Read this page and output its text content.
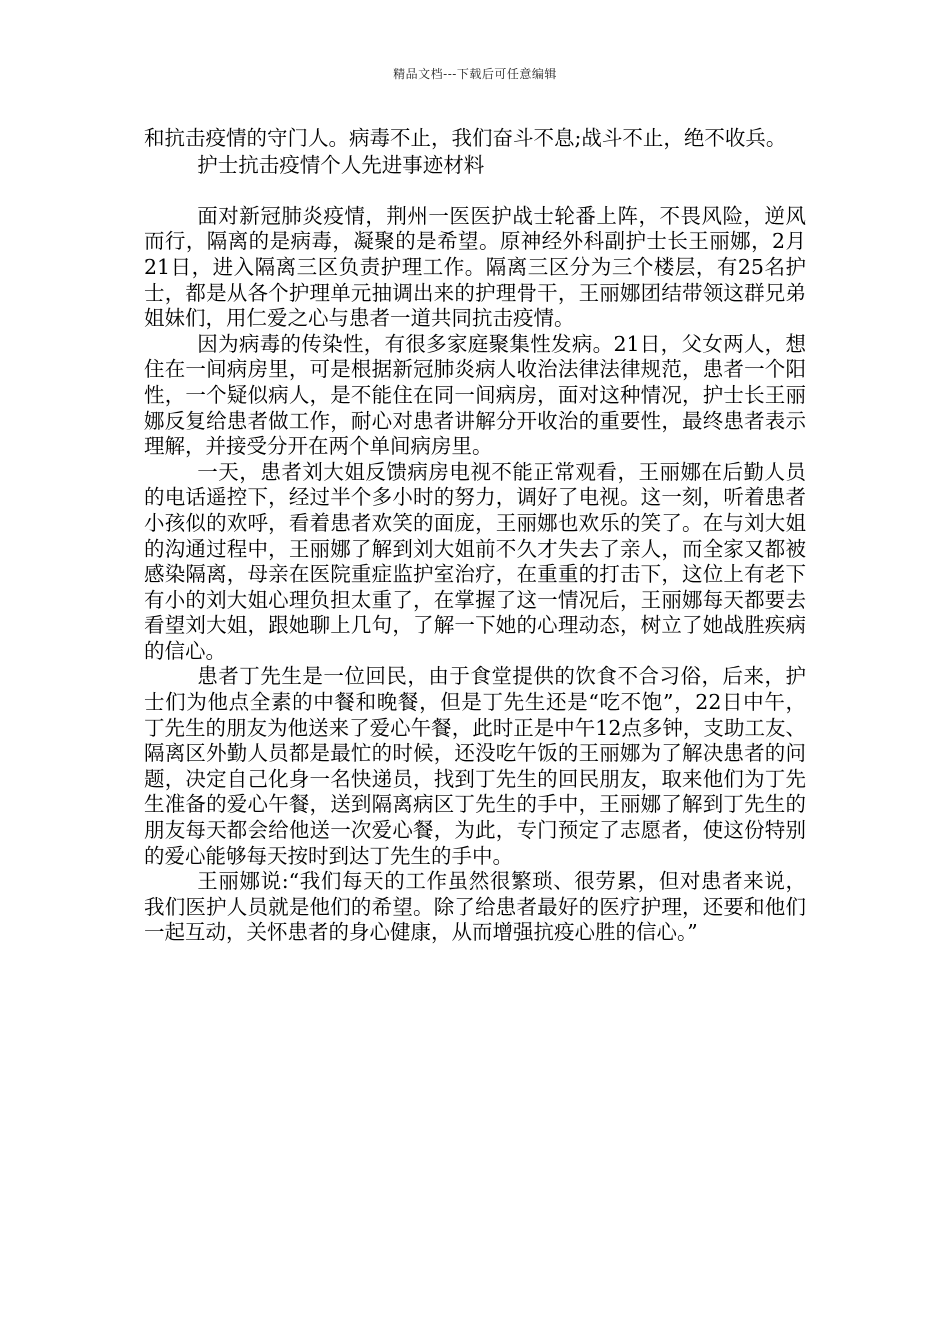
精品文档---下载后可任意编辑

和抗击疫情的守门人。病毒不止，我们奋斗不息;战斗不止，绝不收兵。

护士抗击疫情个人先进事迹材料

面对新冠肺炎疫情，荆州一医医护战士轮番上阵，不畏风险，逆风而行，隔离的是病毒，凝聚的是希望。原神经外科副护士长王丽娜，2月21日，进入隔离三区负责护理工作。隔离三区分为三个楼层，有25名护士，都是从各个护理单元抽调出来的护理骨干，王丽娜团结带领这群兄弟姐妹们，用仁爱之心与患者一道共同抗击疫情。

因为病毒的传染性，有很多家庭聚集性发病。21日，父女两人，想住在一间病房里，可是根据新冠肺炎病人收治法律法律规范，患者一个阳性，一个疑似病人，是不能住在同一间病房，面对这种情况，护士长王丽娜反复给患者做工作，耐心对患者讲解分开收治的重要性，最终患者表示理解，并接受分开在两个单间病房里。

一天，患者刘大姐反馈病房电视不能正常观看，王丽娜在后勤人员的电话遥控下，经过半个多小时的努力，调好了电视。这一刻，听着患者小孩似的欢呼，看着患者欢笑的面庞，王丽娜也欢乐的笑了。在与刘大姐的沟通过程中，王丽娜了解到刘大姐前不久才失去了亲人，而全家又都被感染隔离，母亲在医院重症监护室治疗，在重重的打击下，这位上有老下有小的刘大姐心理负担太重了，在掌握了这一情况后，王丽娜每天都要去看望刘大姐，跟她聊上几句，了解一下她的心理动态，树立了她战胜疾病的信心。

患者丁先生是一位回民，由于食堂提供的饮食不合习俗，后来，护士们为他点全素的中餐和晚餐，但是丁先生还是“吃不饱”，22日中午，丁先生的朋友为他送来了爱心午餐，此时正是中午12点多钟，支助工友、隔离区外勤人员都是最忙的时候，还没吃午饭的王丽娜为了解决患者的问题，决定自己化身一名快递员，找到丁先生的回民朋友，取来他们为丁先生准备的爱心午餐，送到隔离病区丁先生的手中，王丽娜了解到丁先生的朋友每天都会给他送一次爱心餐，为此，专门预定了志愿者，使这份特别的爱心能够每天按时到达丁先生的手中。

王丽娜说:“我们每天的工作虽然很繁琐、很劳累，但对患者来说，我们医护人员就是他们的希望。除了给患者最好的医疗护理，还要和他们一起互动，关怀患者的身心健康，从而增强抗疫心胜的信心。”
